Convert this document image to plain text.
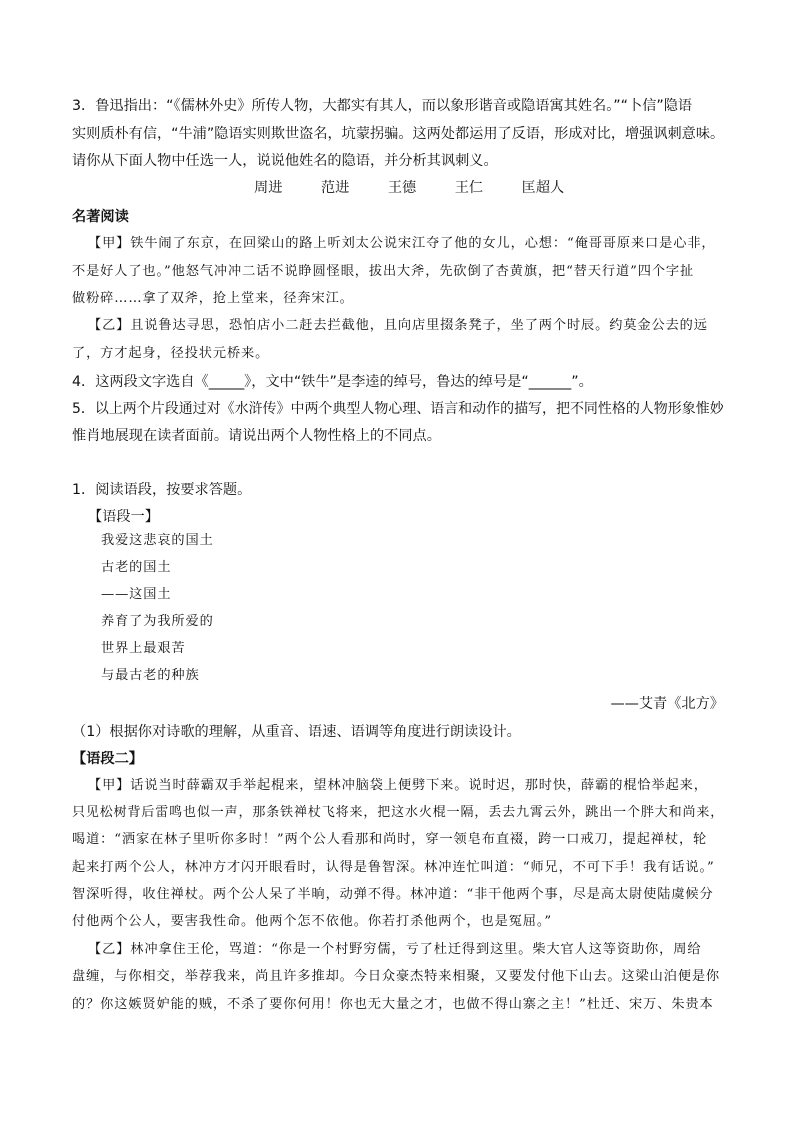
3．鲁迅指出：“《儒林外史》所传人物，大都实有其人，而以象形谐音或隐语寓其姓名。”“卜信”隐语
实则质朴有信，“牛浦”隐语实则欺世盗名，坑蒙拐骗。这两处都运用了反语，形成对比，增强讽刺意味。
请你从下面人物中任选一人，说说他姓名的隐语，并分析其讽刺义。
周进	范进	王德	王仁	匡超人
名著阅读
【甲】铁牛闹了东京，在回梁山的路上听刘太公说宋江夺了他的女儿，心想：“俺哥哥原来口是心非，
不是好人了也。”他怒气冲冲二话不说睁圆怪眼，拔出大斧，先砍倒了杏黄旗，把“替天行道”四个字扯
做粉碎……拿了双斧，抢上堂来，径奔宋江。
【乙】且说鲁达寻思，恐怕店小二赶去拦截他，且向店里掇条凳子，坐了两个时辰。约莫金公去的远
了，方才起身，径投状元桥来。
4．这两段文字选自《_____》，文中“铁牛”是李逵的绰号，鲁达的绰号是“______”。
5．以上两个片段通过对《水浒传》中两个典型人物心理、语言和动作的描写，把不同性格的人物形象惟妙
惟肖地展现在读者面前。请说出两个人物性格上的不同点。
1．阅读语段，按要求答题。
【语段一】
我爱这悲哀的国土
古老的国土
——这国土
养育了为我所爱的
世界上最艰苦
与最古老的种族
——艾青《北方》
（1）根据你对诗歌的理解，从重音、语速、语调等角度进行朗读设计。
【语段二】
【甲】话说当时薛霸双手举起棍来，望林冲脑袋上便劈下来。说时迟，那时快，薛霸的棍恰举起来，
只见松树背后雷鸣也似一声，那条铁禅杖飞将来，把这水火棍一隔，丢去九霄云外，跳出一个胖大和尚来，
喝道：“洒家在林子里听你多时！”两个公人看那和尚时，穿一领皂布直裰，跨一口戒刀，提起禅杖，轮
起来打两个公人，林冲方才闪开眼看时，认得是鲁智深。林冲连忙叫道：“师兄，不可下手！我有话说。”
智深听得，收住禅杖。两个公人呆了半晌，动弹不得。林冲道：“非干他两个事，尽是高太尉使陆虞候分
付他两个公人，要害我性命。他两个怎不依他。你若打杀他两个，也是冤屈。”
【乙】林冲拿住王伦，骂道：“你是一个村野穷儒，亏了杜迁得到这里。柴大官人这等资助你，周给
盘缠，与你相交，举荐我来，尚且许多推却。今日众豪杰特来相聚，又要发付他下山去。这梁山泊便是你
的？你这嫉贤妒能的贼，不杀了要你何用！你也无大量之才，也做不得山寨之主！”杜迁、宋万、朱贵本
